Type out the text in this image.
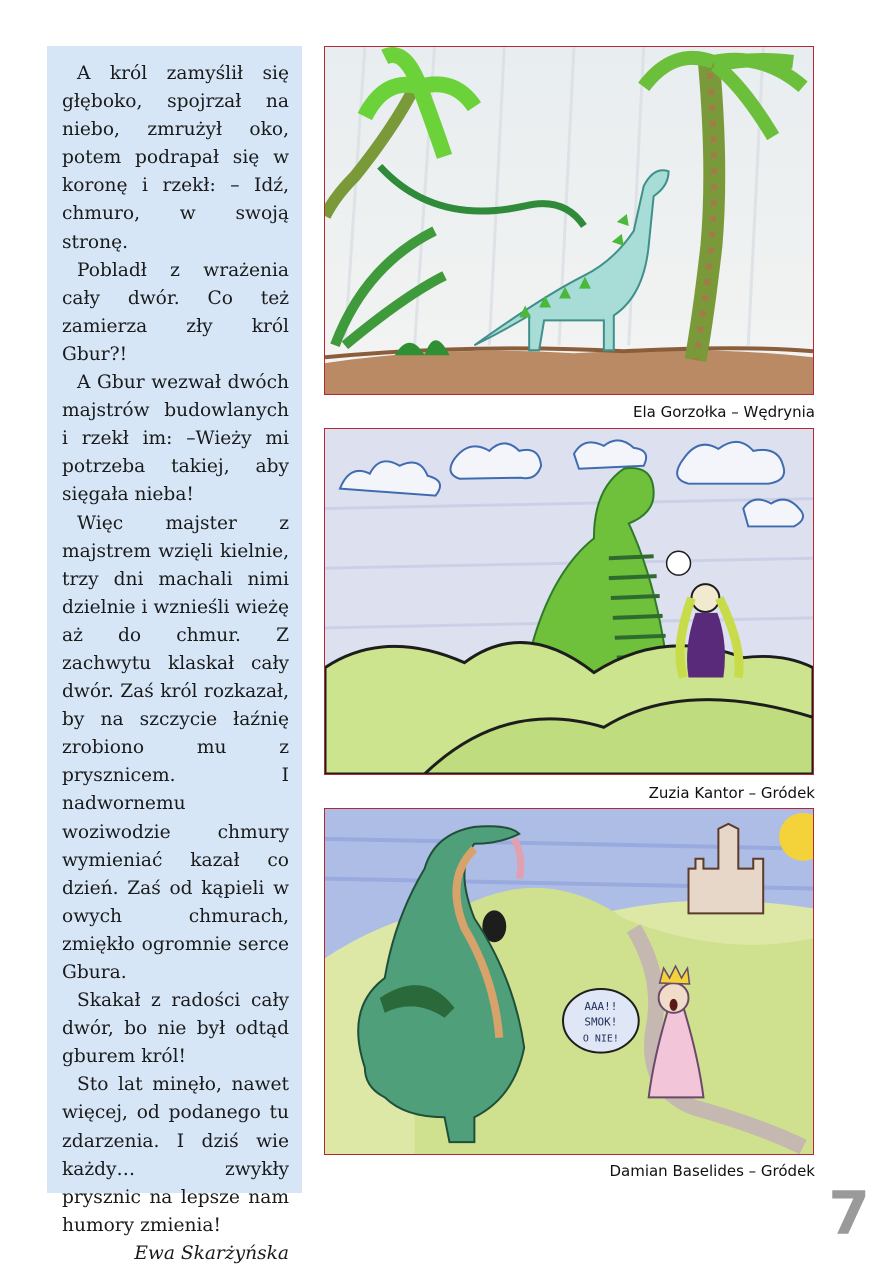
A król zamyślił się głęboko, spojrzał na niebo, zmrużył oko, potem podrapał się w koronę i rzekł: – Idź, chmuro, w swoją stronę.

Pobladł z wrażenia cały dwór. Co też zamierza zły król Gbur?!

A Gbur wezwał dwóch majstrów budowlanych i rzekł im: –Wieży mi potrzeba takiej, aby sięgała nieba!

Więc majster z majstrem wzięli kielnie, trzy dni machali nimi dzielnie i wznieśli wieżę aż do chmur. Z zachwytu klaskał cały dwór. Zaś król rozkazał, by na szczycie łaźnię zrobiono mu z prysznicem. I nadwornemu woziwodzie chmury wymieniać kazał co dzień. Zaś od kąpieli w owych chmurach, zmiękło ogromnie serce Gbura.

Skakał z radości cały dwór, bo nie był odtąd gburem król!

Sto lat minęło, nawet więcej, od podanego tu zdarzenia. I dziś wie każdy… zwykły prysznic na lepsze nam humory zmienia!

Ewa Skarżyńska

Ela Gorzołka – Wędrynia
Zuzia Kantor – Gródek
AAA!!
SMOK!
O NIE!
Damian Baselides – Gródek
7
